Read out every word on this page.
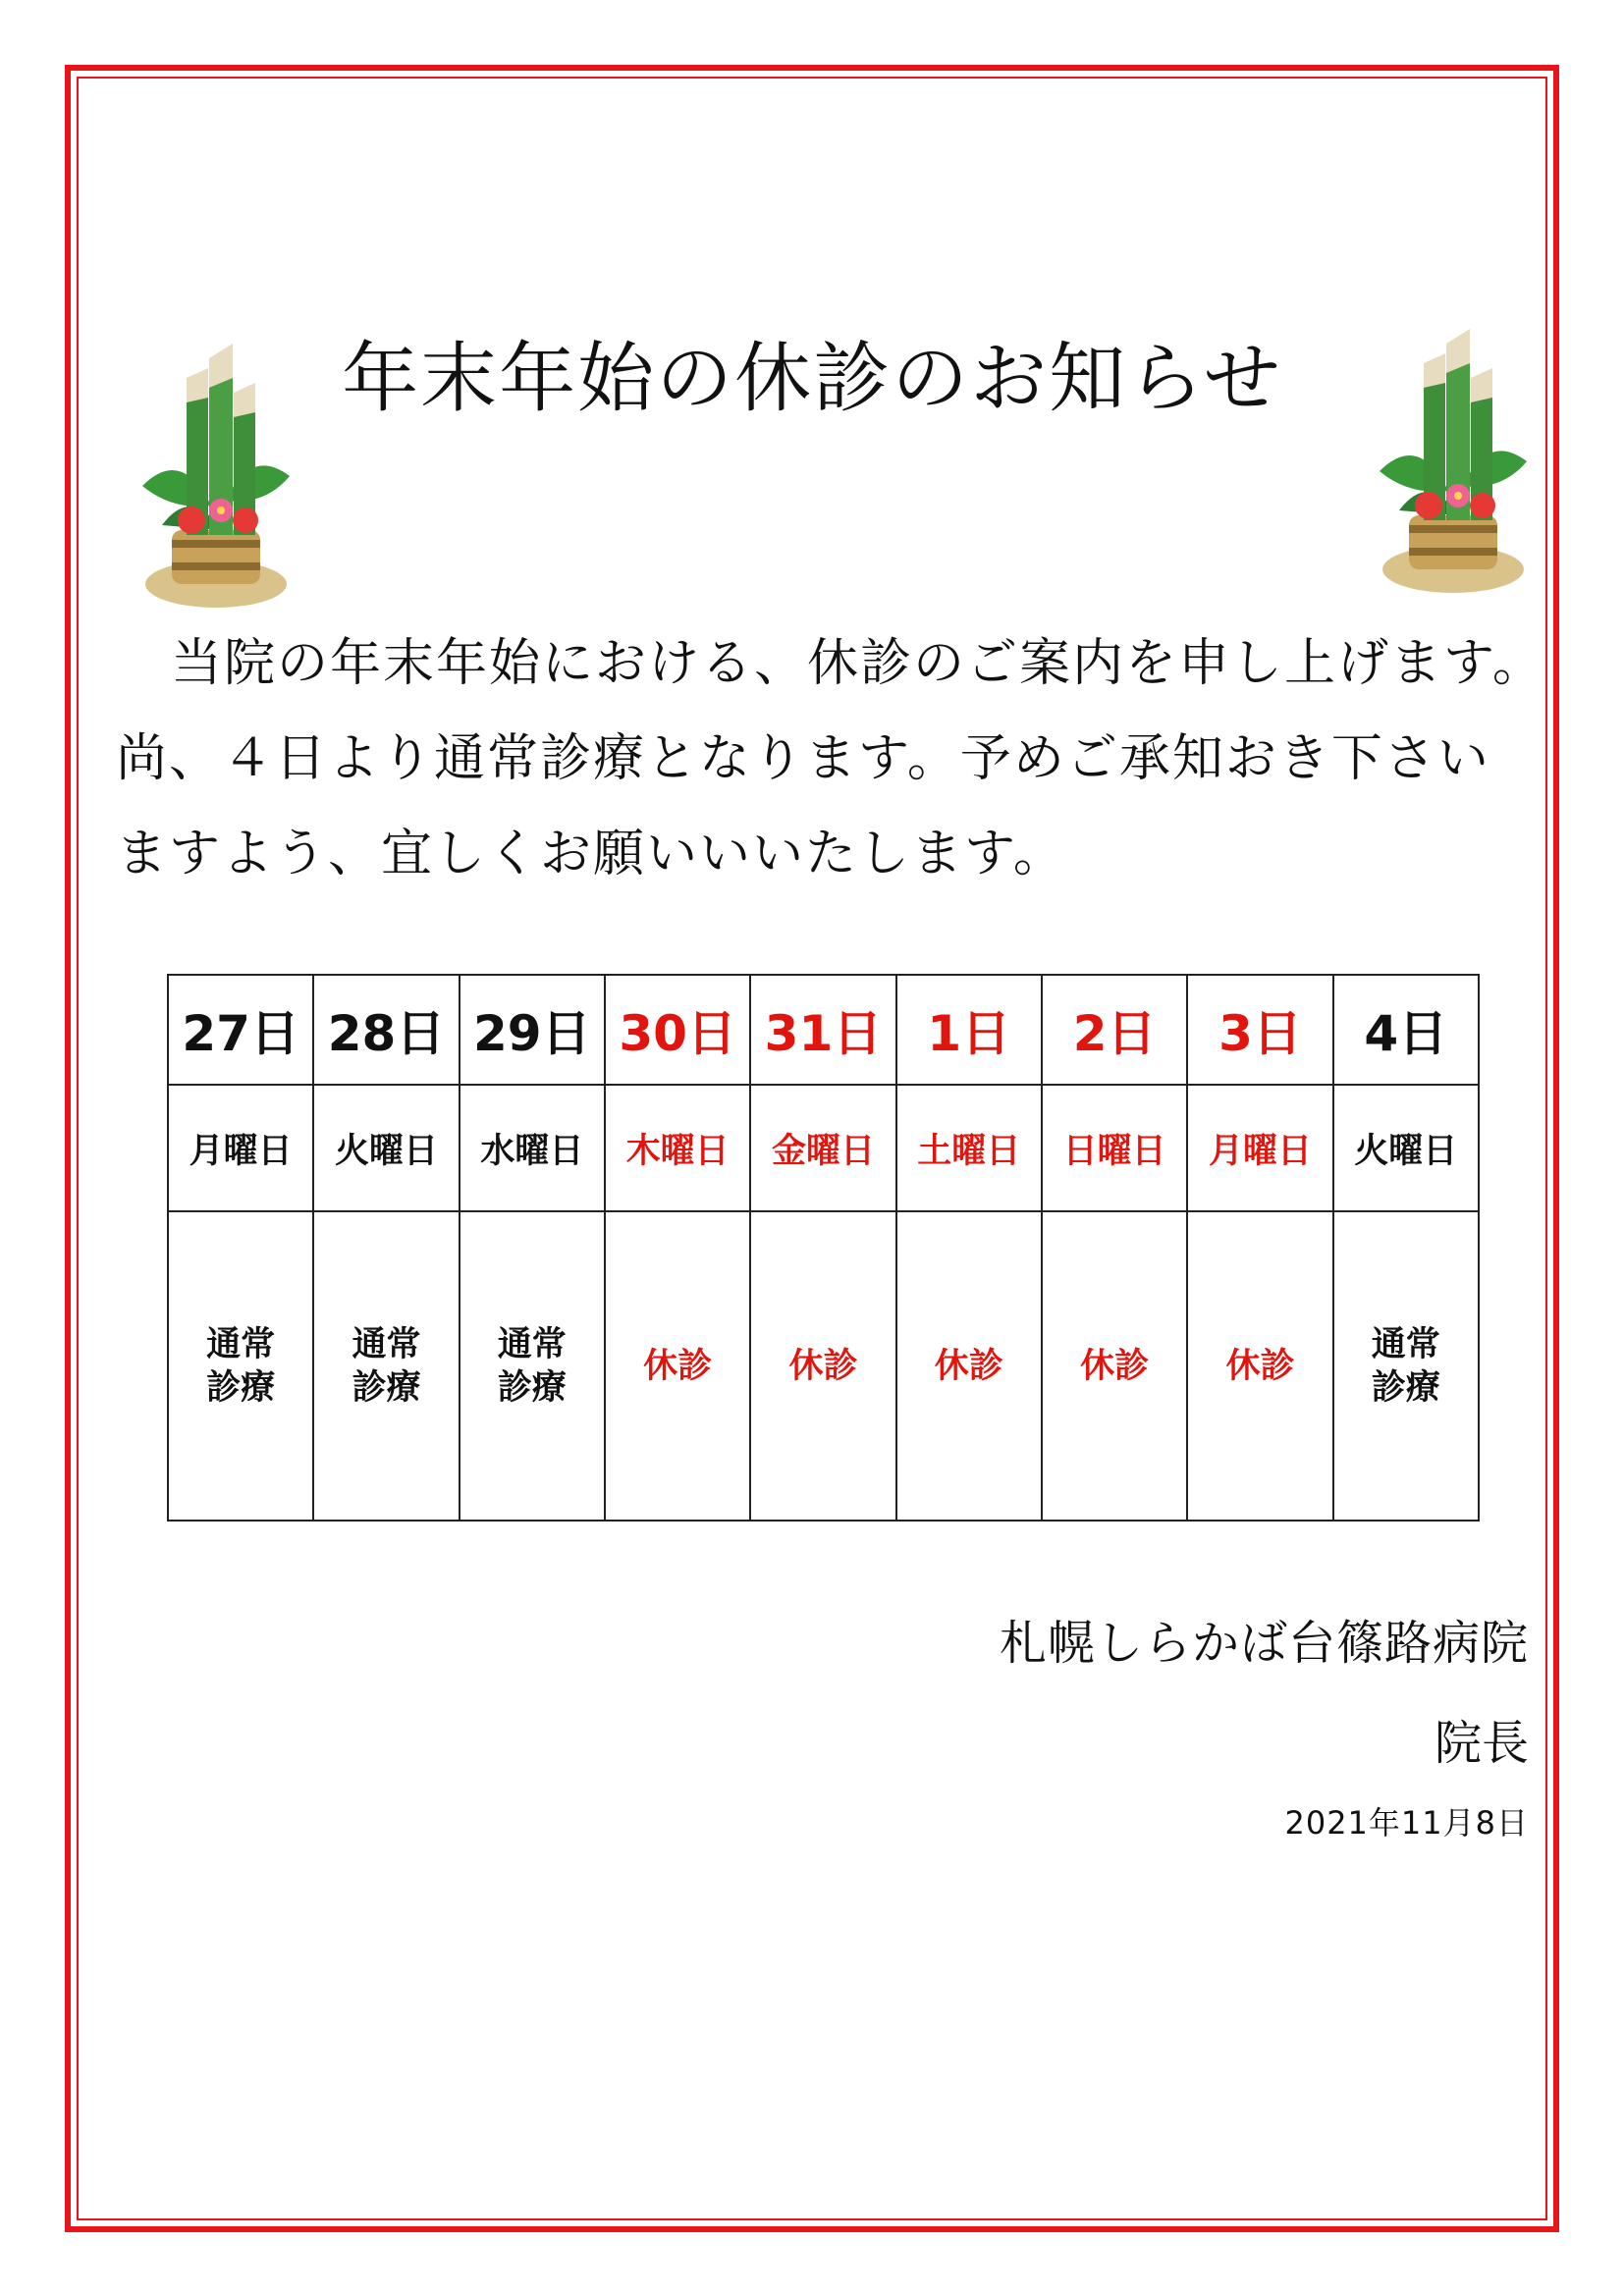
年末年始の休診のお知らせ

当院の年末年始における、休診のご案内を申し上げます。

尚、４日より通常診療となります。予めご承知おき下さい

ますよう、宜しくお願いいいたします。

27日	28日	29日	30日	31日	1日	2日	3日	4日
月曜日	火曜日	水曜日	木曜日	金曜日	土曜日	日曜日	月曜日	火曜日
通常診療	通常診療	通常診療	休診	休診	休診	休診	休診	通常診療

札幌しらかば台篠路病院

院長

2021年11月8日
